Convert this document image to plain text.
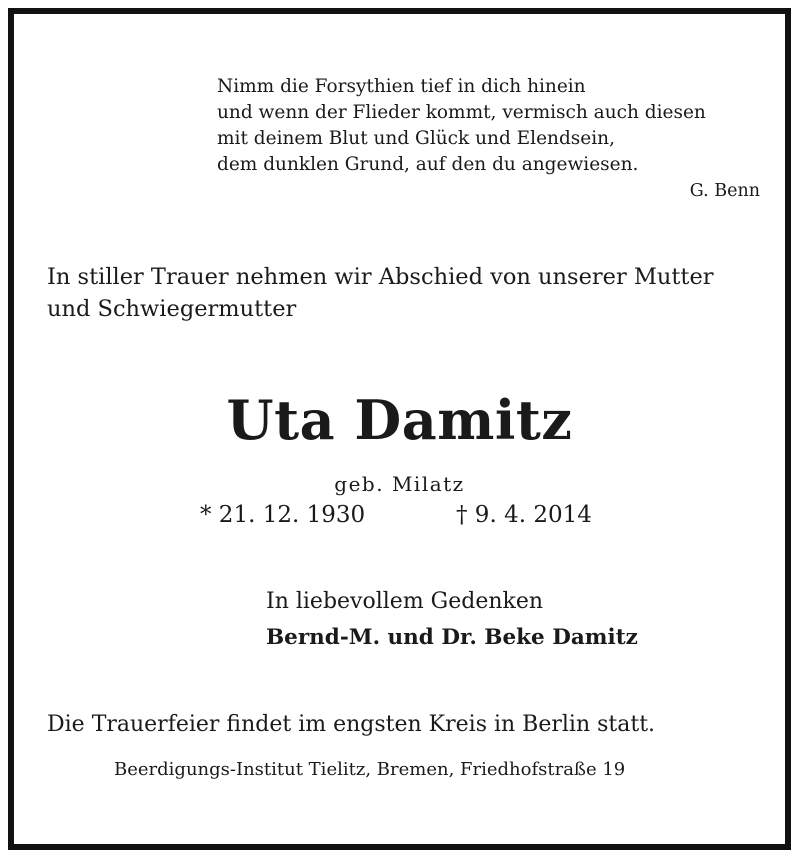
Nimm die Forsythien tief in dich hinein
und wenn der Flieder kommt, vermisch auch diesen
mit deinem Blut und Glück und Elendsein,
dem dunklen Grund, auf den du angewiesen.
G. Benn
In stiller Trauer nehmen wir Abschied von unserer Mutter
und Schwiegermutter
Uta Damitz
geb. Milatz
* 21. 12. 1930	† 9. 4. 2014
In liebevollem Gedenken
Bernd-M. und Dr. Beke Damitz
Die Trauerfeier findet im engsten Kreis in Berlin statt.
Beerdigungs-Institut Tielitz, Bremen, Friedhofstraße 19
